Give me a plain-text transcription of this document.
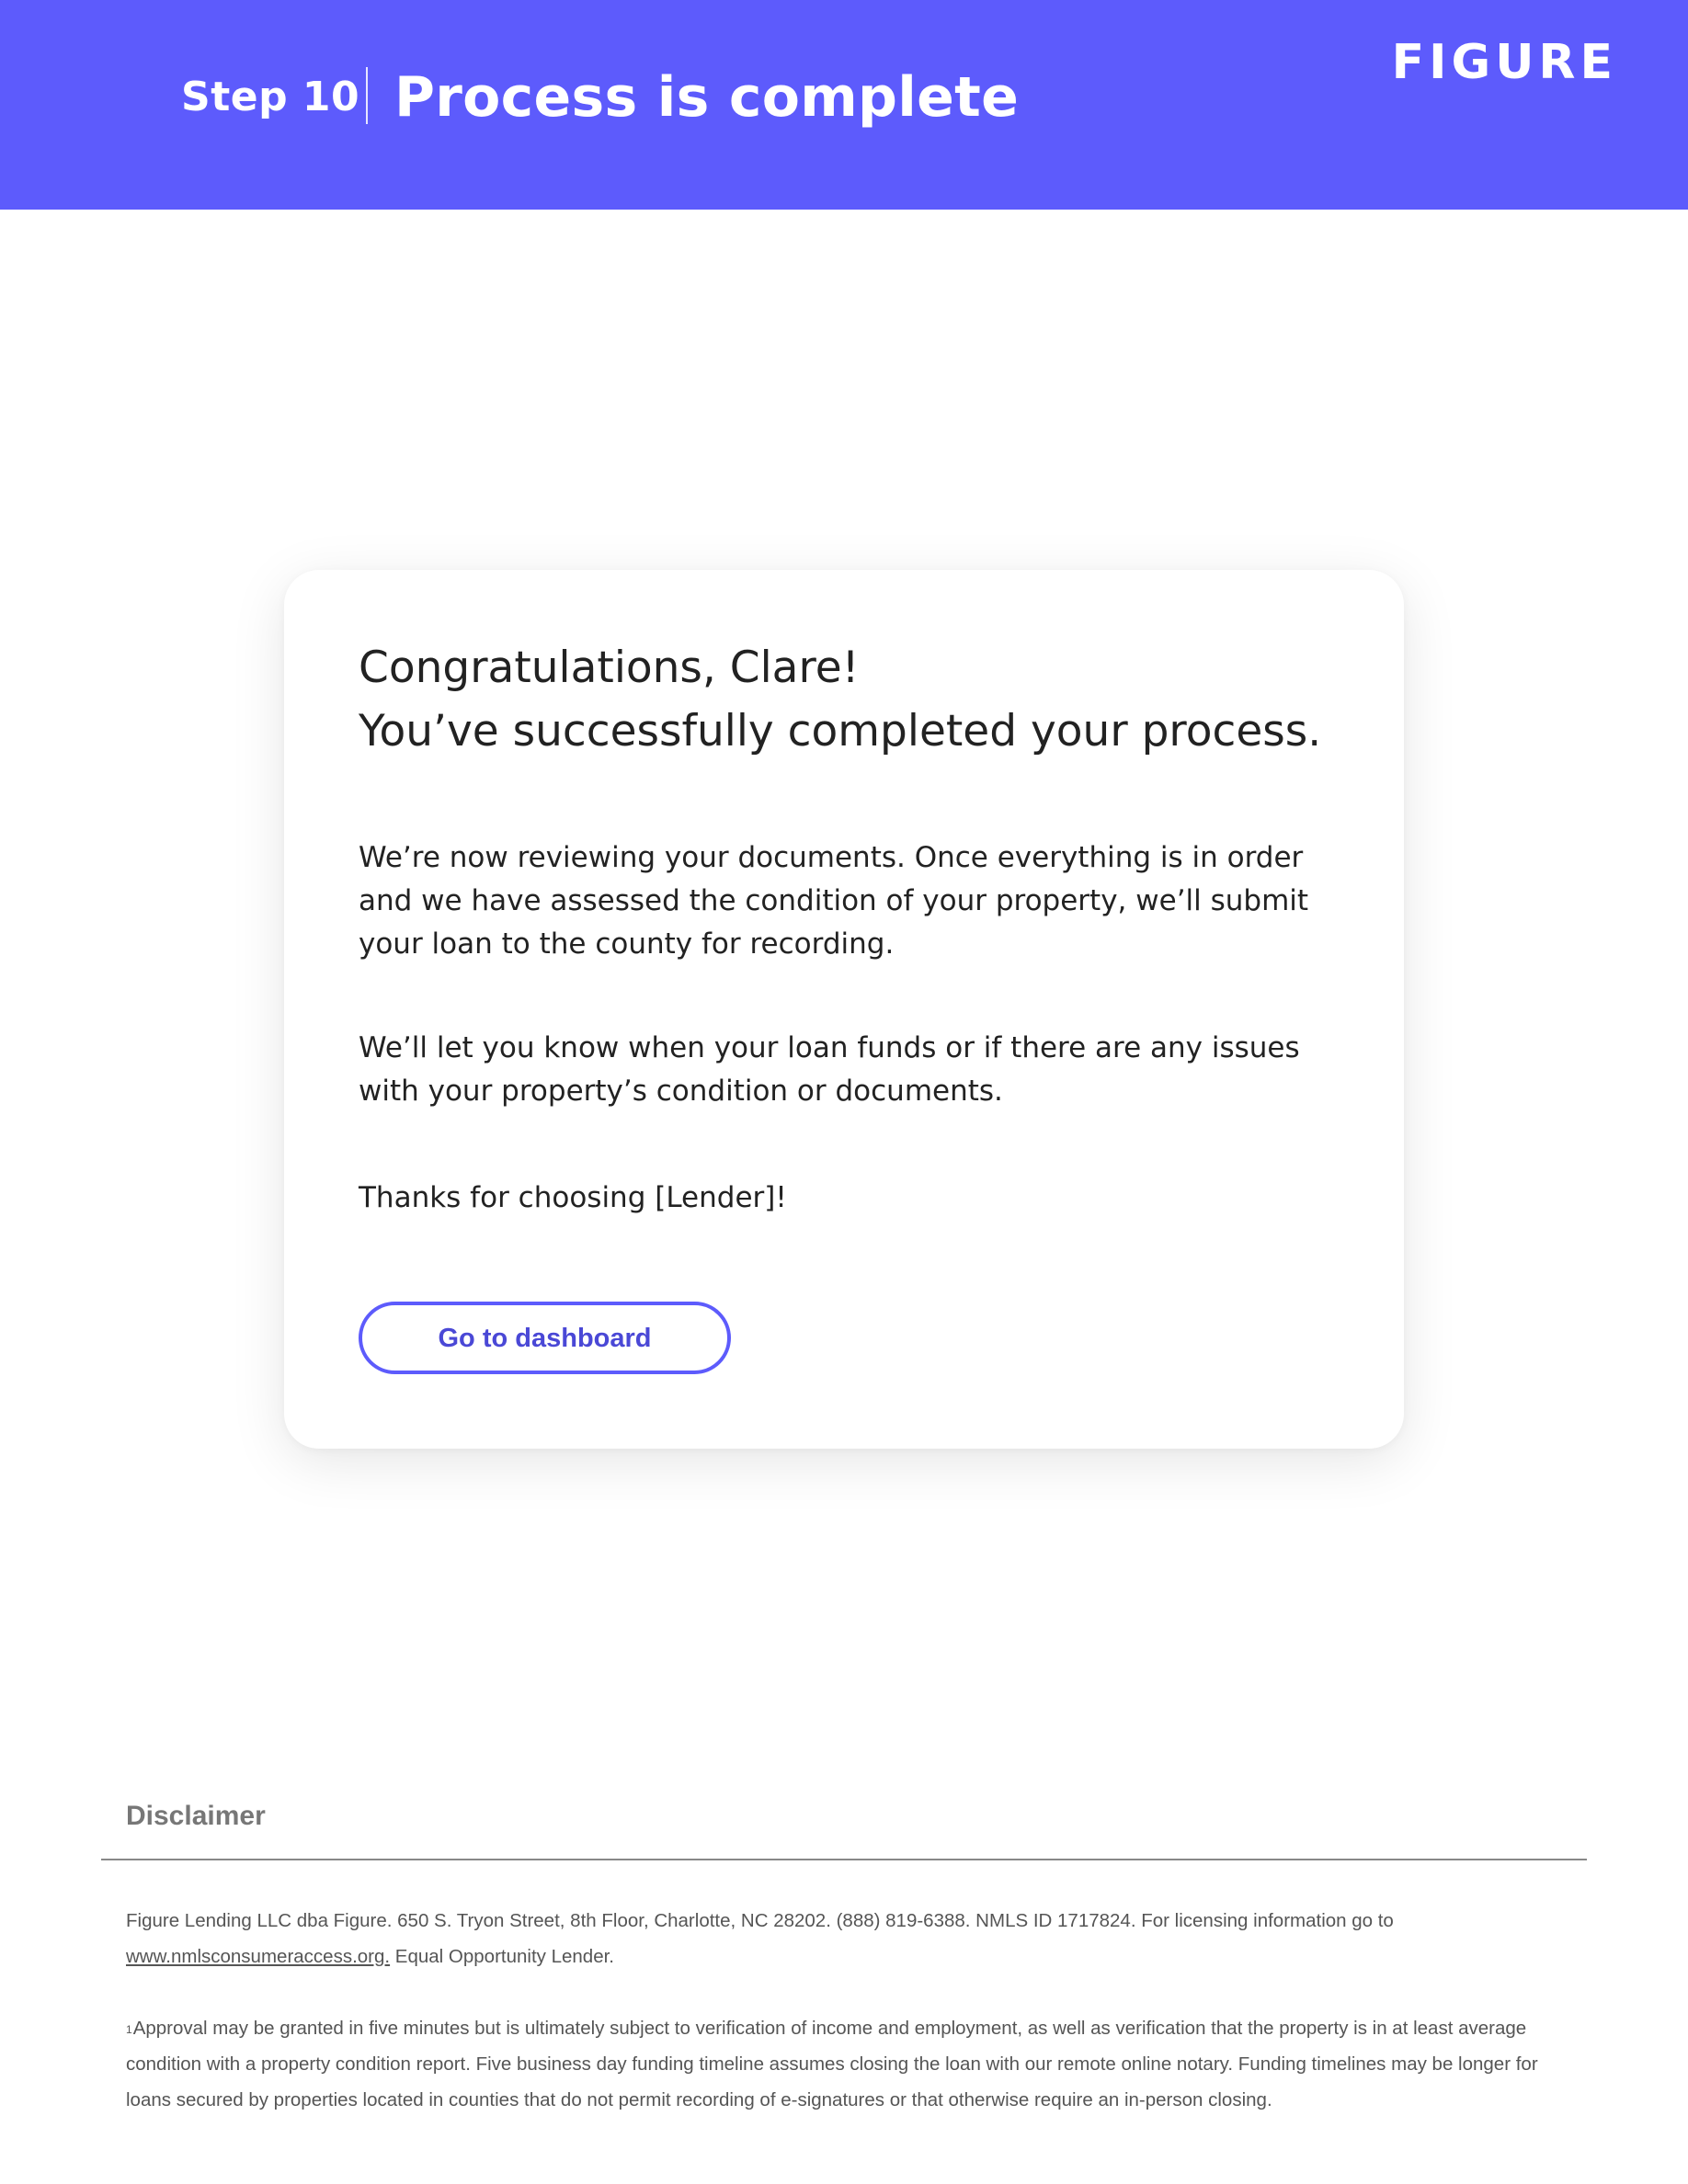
Step 10 Process is complete
FIGURE
Congratulations, Clare!
You’ve successfully completed your process.

We’re now reviewing your documents. Once everything is in order and we have assessed the condition of your property, we’ll submit your loan to the county for recording.

We’ll let you know when your loan funds or if there are any issues with your property’s condition or documents.

Thanks for choosing [Lender]!

Go to dashboard
Disclaimer

Figure Lending LLC dba Figure. 650 S. Tryon Street, 8th Floor, Charlotte, NC 28202. (888) 819-6388. NMLS ID 1717824. For licensing information go to www.nmlsconsumeraccess.org. Equal Opportunity Lender.

$^1$Approval may be granted in five minutes but is ultimately subject to verification of income and employment, as well as verification that the property is in at least average condition with a property condition report. Five business day funding timeline assumes closing the loan with our remote online notary. Funding timelines may be longer for loans secured by properties located in counties that do not permit recording of e-signatures or that otherwise require an in-person closing.
